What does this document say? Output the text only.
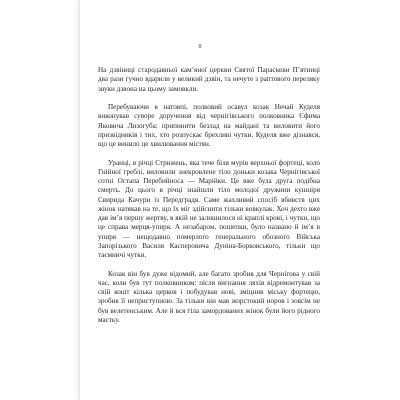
8

На дзвіниці стародавньої кам’яної церкви Святої Параскеви П’ятниці два рази гучно вдарили у великий дзвін, та нечуте з раптового переляку звуки дзвона на цьому замовкли.

Перебуваючи в натовпі, полковий осавул козак Нечай Куделя виконував суворе доручення від чернігівського полковника Єфима Яковича Лизогуба: припинити безлад на майдані та виловити його призвідників і тих, хто розпускає брехливі чутки. Куделя вже дізнався, що це винило це хвилювання містян.

Уранці, в річці Стрижень, яка тече біля мурів верхньої фортеці, коло Гнійної греблі, виловили знекровлене тіло доньки козака Чернігівської сотні Остапа Перебийноса — Марійки. Це вже була друга подібна смерть. До цього в річці знайшли тіло молодої дружини кушніря Свирида Качури із Передградя. Саме жахливий спосіб вбивств цих жінок натякав на те, що їх міг здійснити тільки вовкулак. Хоч дехто вже дав ім’я першу жертву, в якій не залишилося ні краплі крові, і чутки, що це справа мерця-упиря. А незабаром, пошепки, було названо й ім’я в упиря — нещодавно померлого генерального обозного Війська Запорізького Василя Касперовича Дуніна-Борковського, тільки що таємничі чутки.

Козак він був дуже відомий, але багато зробив для Чернігова у свій час, коли був тут полковником: після вигнання ляхів відремонтував за свій кошт кілька церков і побудував нові, зміцнив міську фортецю, зробив її неприступною. За тільки він мав жорстокий норов і зовсім не був велетенським. Але й вся тіла замордованих жінок були його рідного мастку.
